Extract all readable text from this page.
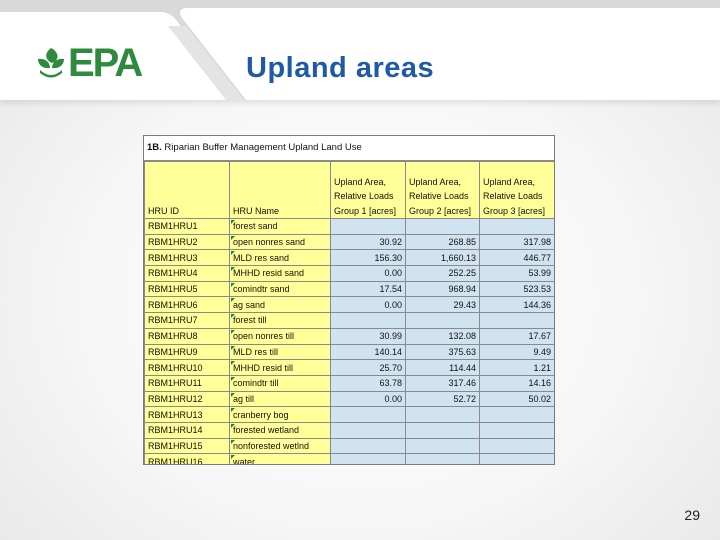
EPA	Upland areas
1B. Riparian Buffer Management Upland Land Use
HRU ID	HRU Name	Upland Area, Relative Loads Group 1 [acres]	Upland Area, Relative Loads Group 2 [acres]	Upland Area, Relative Loads Group 3 [acres]
RBM1HRU1	forest sand			
RBM1HRU2	open nonres sand	30.92	268.85	317.98
RBM1HRU3	MLD res sand	156.30	1,660.13	446.77
RBM1HRU4	MHHD resid sand	0.00	252.25	53.99
RBM1HRU5	comindtr sand	17.54	968.94	523.53
RBM1HRU6	ag sand	0.00	29.43	144.36
RBM1HRU7	forest till			
RBM1HRU8	open nonres till	30.99	132.08	17.67
RBM1HRU9	MLD res till	140.14	375.63	9.49
RBM1HRU10	MHHD resid till	25.70	114.44	1.21
RBM1HRU11	comindtr till	63.78	317.46	14.16
RBM1HRU12	ag till	0.00	52.72	50.02
RBM1HRU13	cranberry bog			
RBM1HRU14	forested wetland			
RBM1HRU15	nonforested wetlnd			
RBM1HRU16	water			
29
